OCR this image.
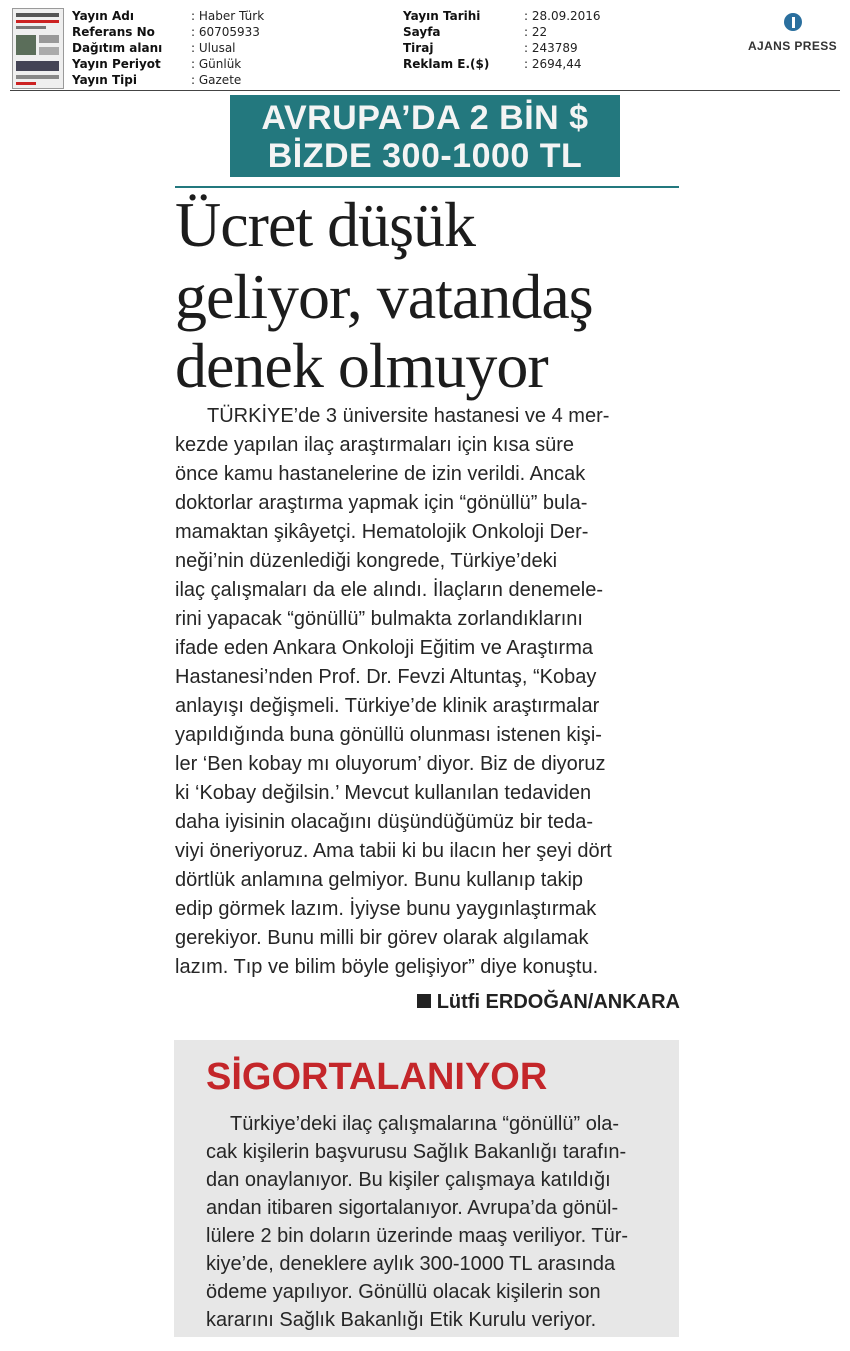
Yayın Adı	: Haber Türk
Referans No	: 60705933
Dağıtım alanı : Ulusal
Yayın Periyot	: Günlük
Yayın Tipi	: Gazete
Yayın Tarihi	: 28.09.2016
Sayfa	: 22
Tiraj	: 243789
Reklam E.($)	: 2694,44
AJANS PRESS
AVRUPA’DA 2 BİN $
BİZDE 300-1000 TL
Ücret düşük
geliyor, vatandaş
denek olmuyor
TÜRKİYE’de 3 üniversite hastanesi ve 4 mer-
kezde yapılan ilaç araştırmaları için kısa süre
önce kamu hastanelerine de izin verildi. Ancak
doktorlar araştırma yapmak için “gönüllü” bula-
mamaktan şikâyetçi. Hematolojik Onkoloji Der-
neği’nin düzenlediği kongrede, Türkiye’deki
ilaç çalışmaları da ele alındı. İlaçların denemele-
rini yapacak “gönüllü” bulmakta zorlandıklarını
ifade eden Ankara Onkoloji Eğitim ve Araştırma
Hastanesi’nden Prof. Dr. Fevzi Altuntaş, “Kobay
anlayışı değişmeli. Türkiye’de klinik araştırmalar
yapıldığında buna gönüllü olunması istenen kişi-
ler ‘Ben kobay mı oluyorum’ diyor. Biz de diyoruz
ki ‘Kobay değilsin.’ Mevcut kullanılan tedaviden
daha iyisinin olacağını düşündüğümüz bir teda-
viyi öneriyoruz. Ama tabii ki bu ilacın her şeyi dört
dörtlük anlamına gelmiyor. Bunu kullanıp takip
edip görmek lazım. İyiyse bunu yaygınlaştırmak
gerekiyor. Bunu milli bir görev olarak algılamak
lazım. Tıp ve bilim böyle gelişiyor” diye konuştu.
Lütfi ERDOĞAN/ANKARA
SİGORTALANIYOR
Türkiye’deki ilaç çalışmalarına “gönüllü” ola-
cak kişilerin başvurusu Sağlık Bakanlığı tarafın-
dan onaylanıyor. Bu kişiler çalışmaya katıldığı
andan itibaren sigortalanıyor. Avrupa’da gönül-
lülere 2 bin doların üzerinde maaş veriliyor. Tür-
kiye’de, deneklere aylık 300-1000 TL arasında
ödeme yapılıyor. Gönüllü olacak kişilerin son
kararını Sağlık Bakanlığı Etik Kurulu veriyor.
